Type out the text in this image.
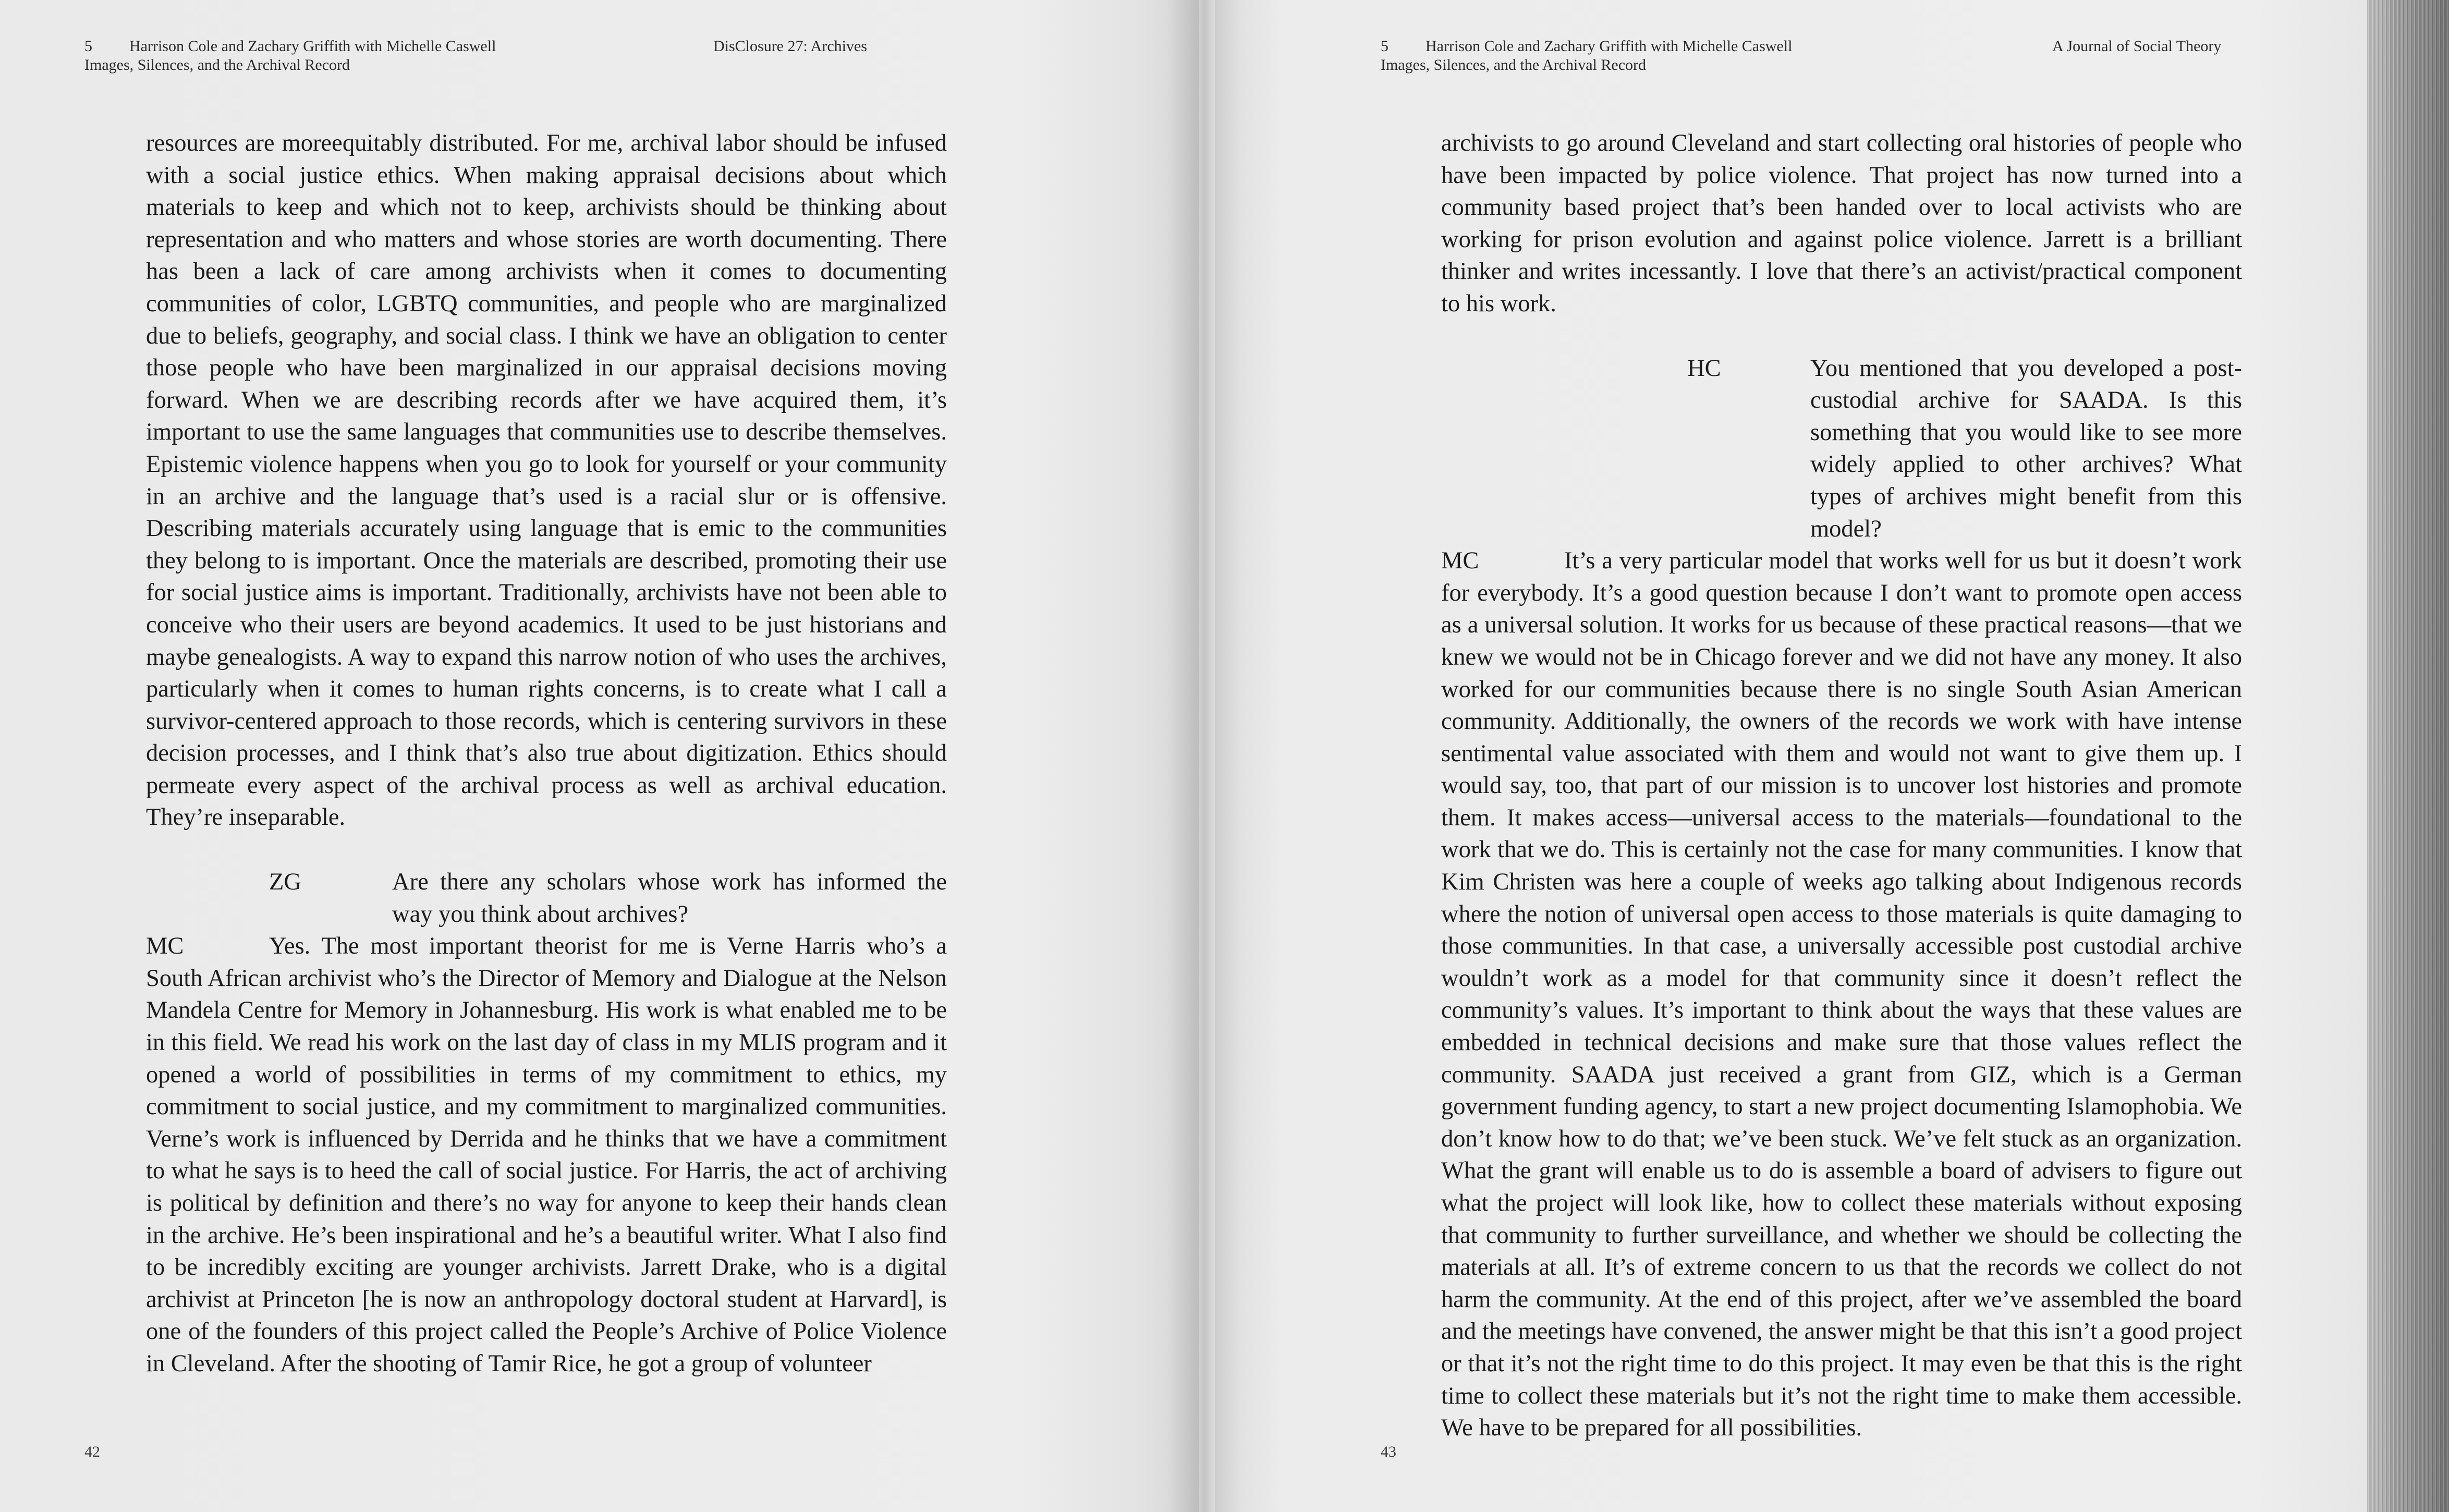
5 Harrison Cole and Zachary Griffith with Michelle Caswell
Images, Silences, and the Archival Record
DisClosure 27: Archives

resources are moreequitably distributed. For me, archival labor should be infused with a social justice ethics. When making appraisal decisions about which materials to keep and which not to keep, archivists should be thinking about representation and who matters and whose stories are worth documenting. There has been a lack of care among archivists when it comes to documenting communities of color, LGBTQ communities, and people who are marginalized due to beliefs, geography, and social class. I think we have an obligation to center those people who have been marginalized in our appraisal decisions moving forward. When we are describing records after we have acquired them, it’s important to use the same languages that communities use to describe themselves. Epistemic violence happens when you go to look for yourself or your community in an archive and the language that’s used is a racial slur or is offensive. Describing materials accurately using language that is emic to the communities they belong to is important. Once the materials are described, promoting their use for social justice aims is important. Traditionally, archivists have not been able to conceive who their users are beyond academics. It used to be just historians and maybe genealogists. A way to expand this narrow notion of who uses the archives, particularly when it comes to human rights concerns, is to create what I call a survivor-centered approach to those records, which is centering survivors in these decision processes, and I think that’s also true about digitization. Ethics should permeate every aspect of the archival process as well as archival education. They’re inseparable.

ZG	Are there any scholars whose work has informed the way you think about archives?

MC	Yes. The most important theorist for me is Verne Harris who’s a South African archivist who’s the Director of Memory and Dialogue at the Nelson Mandela Centre for Memory in Johannesburg. His work is what enabled me to be in this field. We read his work on the last day of class in my MLIS program and it opened a world of possibilities in terms of my commitment to ethics, my commitment to social justice, and my commitment to marginalized communities. Verne’s work is influenced by Derrida and he thinks that we have a commitment to what he says is to heed the call of social justice. For Harris, the act of archiving is political by definition and there’s no way for anyone to keep their hands clean in the archive. He’s been inspirational and he’s a beautiful writer. What I also find to be incredibly exciting are younger archivists. Jarrett Drake, who is a digital archivist at Princeton [he is now an anthropology doctoral student at Harvard], is one of the founders of this project called the People’s Archive of Police Violence in Cleveland. After the shooting of Tamir Rice, he got a group of volunteer

42
5 Harrison Cole and Zachary Griffith with Michelle Caswell
Images, Silences, and the Archival Record
A Journal of Social Theory

archivists to go around Cleveland and start collecting oral histories of people who have been impacted by police violence. That project has now turned into a community based project that’s been handed over to local activists who are working for prison evolution and against police violence. Jarrett is a brilliant thinker and writes incessantly. I love that there’s an activist/practical component to his work.

HC	You mentioned that you developed a post-custodial archive for SAADA. Is this something that you would like to see more widely applied to other archives? What types of archives might benefit from this model?

MC	It’s a very particular model that works well for us but it doesn’t work for everybody. It’s a good question because I don’t want to promote open access as a universal solution. It works for us because of these practical reasons—that we knew we would not be in Chicago forever and we did not have any money. It also worked for our communities because there is no single South Asian American community. Additionally, the owners of the records we work with have intense sentimental value associated with them and would not want to give them up. I would say, too, that part of our mission is to uncover lost histories and promote them. It makes access—universal access to the materials—foundational to the work that we do. This is certainly not the case for many communities. I know that Kim Christen was here a couple of weeks ago talking about Indigenous records where the notion of universal open access to those materials is quite damaging to those communities. In that case, a universally accessible post custodial archive wouldn’t work as a model for that community since it doesn’t reflect the community’s values. It’s important to think about the ways that these values are embedded in technical decisions and make sure that those values reflect the community. SAADA just received a grant from GIZ, which is a German government funding agency, to start a new project documenting Islamophobia. We don’t know how to do that; we’ve been stuck. We’ve felt stuck as an organization. What the grant will enable us to do is assemble a board of advisers to figure out what the project will look like, how to collect these materials without exposing that community to further surveillance, and whether we should be collecting the materials at all. It’s of extreme concern to us that the records we collect do not harm the community. At the end of this project, after we’ve assembled the board and the meetings have convened, the answer might be that this isn’t a good project or that it’s not the right time to do this project. It may even be that this is the right time to collect these materials but it’s not the right time to make them accessible. We have to be prepared for all possibilities.

43
